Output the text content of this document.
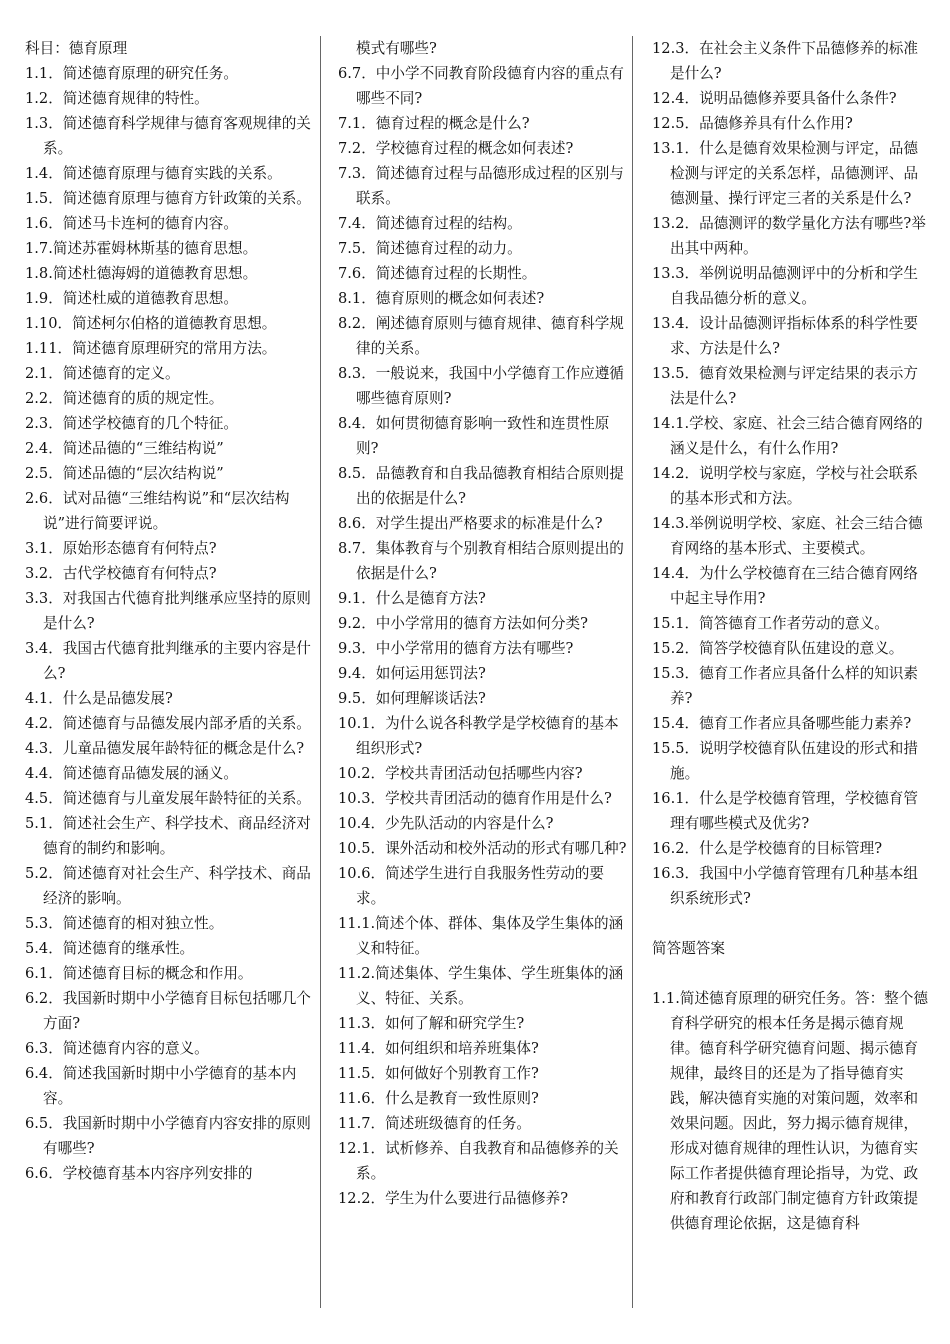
科目：德育原理
1.1．简述德育原理的研究任务。
1.2．简述德育规律的特性。
1.3．简述德育科学规律与德育客观规律的关系。
1.4．简述德育原理与德育实践的关系。
1.5．简述德育原理与德育方针政策的关系。
1.6．简述马卡连柯的德育内容。
1.7.简述苏霍姆林斯基的德育思想。
1.8.简述杜德海姆的道德教育思想。
1.9．简述杜威的道德教育思想。
1.10．简述柯尔伯格的道德教育思想。
1.11．简述德育原理研究的常用方法。
2.1．简述德育的定义。
2.2．简述德育的质的规定性。
2.3．简述学校德育的几个特征。
2.4．简述品德的“三维结构说”
2.5．简述品德的“层次结构说”
2.6．试对品德“三维结构说”和“层次结构说”进行简要评说。
3.1．原始形态德育有何特点?
3.2．古代学校德育有何特点?
3.3．对我国古代德育批判继承应坚持的原则是什么?
3.4．我国古代德育批判继承的主要内容是什么?
4.1．什么是品德发展?
4.2．简述德育与品德发展内部矛盾的关系。
4.3．儿童品德发展年龄特征的概念是什么?
4.4．简述德育品德发展的涵义。
4.5．简述德育与儿童发展年龄特征的关系。
5.1．简述社会生产、科学技术、商品经济对德育的制约和影响。
5.2．简述德育对社会生产、科学技术、商品经济的影响。
5.3．简述德育的相对独立性。
5.4．简述德育的继承性。
6.1．简述德育目标的概念和作用。
6.2．我国新时期中小学德育目标包括哪几个方面?
6.3．简述德育内容的意义。
6.4．简述我国新时期中小学德育的基本内容。
6.5．我国新时期中小学德育内容安排的原则有哪些?
6.6．学校德育基本内容序列安排的
模式有哪些?
6.7．中小学不同教育阶段德育内容的重点有哪些不同?
7.1．德育过程的概念是什么?
7.2．学校德育过程的概念如何表述?
7.3．简述德育过程与品德形成过程的区别与联系。
7.4．简述德育过程的结构。
7.5．简述德育过程的动力。
7.6．简述德育过程的长期性。
8.1．德育原则的概念如何表述?
8.2．阐述德育原则与德育规律、德育科学规律的关系。
8.3．一般说来，我国中小学德育工作应遵循哪些德育原则?
8.4．如何贯彻德育影响一致性和连贯性原则?
8.5．品德教育和自我品德教育相结合原则提出的依据是什么?
8.6．对学生提出严格要求的标准是什么?
8.7．集体教育与个别教育相结合原则提出的依据是什么?
9.1．什么是德育方法?
9.2．中小学常用的德育方法如何分类?
9.3．中小学常用的德育方法有哪些?
9.4．如何运用惩罚法?
9.5．如何理解谈话法?
10.1．为什么说各科教学是学校德育的基本组织形式?
10.2．学校共青团活动包括哪些内容?
10.3．学校共青团活动的德育作用是什么?
10.4．少先队活动的内容是什么?
10.5．课外活动和校外活动的形式有哪几种?
10.6．简述学生进行自我服务性劳动的要求。
11.1.简述个体、群体、集体及学生集体的涵义和特征。
11.2.简述集体、学生集体、学生班集体的涵义、特征、关系。
11.3．如何了解和研究学生?
11.4．如何组织和培养班集体?
11.5．如何做好个别教育工作?
11.6．什么是教育一致性原则?
11.7．简述班级德育的任务。
12.1．试析修养、自我教育和品德修养的关系。
12.2．学生为什么要进行品德修养?
12.3．在社会主义条件下品德修养的标准是什么?
12.4．说明品德修养要具备什么条件?
12.5．品德修养具有什么作用?
13.1．什么是德育效果检测与评定，品德检测与评定的关系怎样，品德测评、品德测量、操行评定三者的关系是什么?
13.2．品德测评的数学量化方法有哪些?举出其中两种。
13.3．举例说明品德测评中的分析和学生自我品德分析的意义。
13.4．设计品德测评指标体系的科学性要求、方法是什么?
13.5．德育效果检测与评定结果的表示方法是什么?
14.1.学校、家庭、社会三结合德育网络的涵义是什么，有什么作用?
14.2．说明学校与家庭，学校与社会联系的基本形式和方法。
14.3.举例说明学校、家庭、社会三结合德育网络的基本形式、主要模式。
14.4．为什么学校德育在三结合德育网络中起主导作用?
15.1．简答德育工作者劳动的意义。
15.2．简答学校德育队伍建设的意义。
15.3．德育工作者应具备什么样的知识素养?
15.4．德育工作者应具备哪些能力素养?
15.5．说明学校德育队伍建设的形式和措施。
16.1．什么是学校德育管理，学校德育管理有哪些模式及优劣?
16.2．什么是学校德育的目标管理?
16.3．我国中小学德育管理有几种基本组织系统形式?
简答题答案
1.1.简述德育原理的研究任务。答：整个德育科学研究的根本任务是揭示德育规律。德育科学研究德育问题、揭示德育规律，最终目的还是为了指导德育实践，解决德育实施的对策问题，效率和效果问题。因此，努力揭示德育规律，形成对德育规律的理性认识，为德育实际工作者提供德育理论指导，为党、政府和教育行政部门制定德育方针政策提供德育理论依据，这是德育科
